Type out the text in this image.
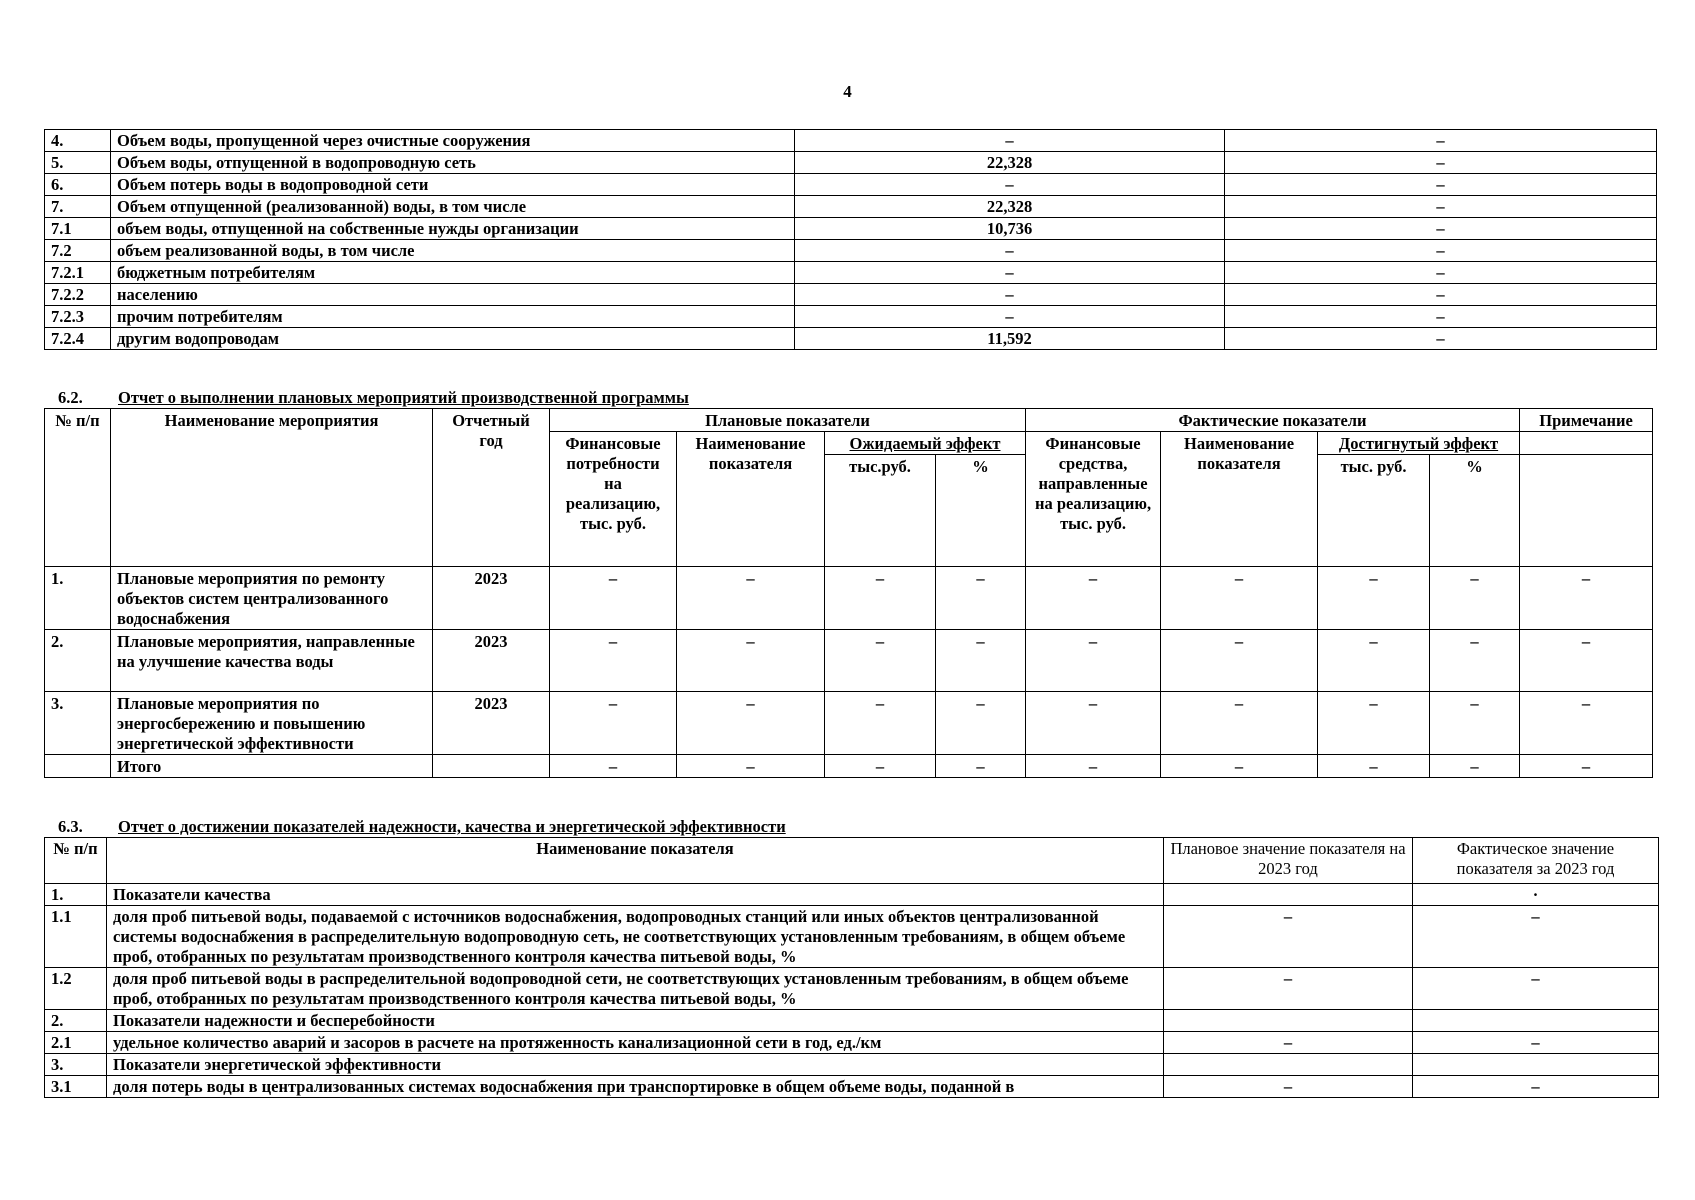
4
4.	Объем воды, пропущенной через очистные сооружения	–	–
5.	Объем воды, отпущенной в водопроводную сеть	22,328	–
6.	Объем потерь воды в водопроводной сети	–	–
7.	Объем отпущенной (реализованной) воды, в том числе	22,328	–
7.1	объем воды, отпущенной на собственные нужды организации	10,736	–
7.2	объем реализованной воды, в том числе	–	–
7.2.1	бюджетным потребителям	–	–
7.2.2	населению	–	–
7.2.3	прочим потребителям	–	–
7.2.4	другим водопроводам	11,592	–
6.2. Отчет о выполнении плановых мероприятий производственной программы
№ п/п	Наименование мероприятия	Отчетный год	Плановые показатели				Фактические показатели				Примечание
			Финансовые потребности на реализацию, тыс. руб.	Наименование показателя	Ожидаемый эффект		Финансовые средства, направленные на реализацию, тыс. руб.	Наименование показателя	Достигнутый эффект		
					тыс.руб.	%			тыс. руб.	%	
1.	Плановые мероприятия по ремонту объектов систем централизованного водоснабжения	2023	–	–	–	–	–	–	–	–	–
2.	Плановые мероприятия, направленные на улучшение качества воды	2023	–	–	–	–	–	–	–	–	–
3.	Плановые мероприятия по энергосбережению и повышению энергетической эффективности	2023	–	–	–	–	–	–	–	–	–
	Итого		–	–	–	–	–	–	–	–	–
6.3. Отчет о достижении показателей надежности, качества и энергетической эффективности
№ п/п	Наименование показателя	Плановое значение показателя на 2023 год	Фактическое значение показателя за 2023 год
1.	Показатели качества		·
1.1	доля проб питьевой воды, подаваемой с источников водоснабжения, водопроводных станций или иных объектов централизованной системы водоснабжения в распределительную водопроводную сеть, не соответствующих установленным требованиям, в общем объеме проб, отобранных по результатам производственного контроля качества питьевой воды, %	–	–
1.2	доля проб питьевой воды в распределительной водопроводной сети, не соответствующих установленным требованиям, в общем объеме проб, отобранных по результатам производственного контроля качества питьевой воды, %	–	–
2.	Показатели надежности и бесперебойности		
2.1	удельное количество аварий и засоров в расчете на протяженность канализационной сети в год, ед./км	–	–
3.	Показатели энергетической эффективности		
3.1	доля потерь воды в централизованных системах водоснабжения при транспортировке в общем объеме воды, поданной в	–	–
